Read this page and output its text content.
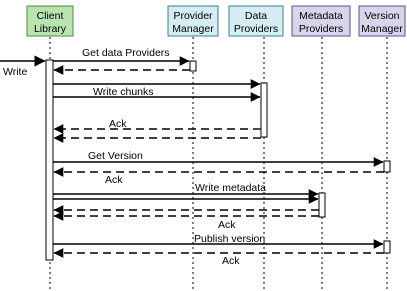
Client
Library
Provider
Manager
Data
Providers
Metadata
Providers
Version
Manager
Write
Get data Providers
Write chunks
Ack
Get Version
Ack
Write metadata
Ack
Publish version
Ack
